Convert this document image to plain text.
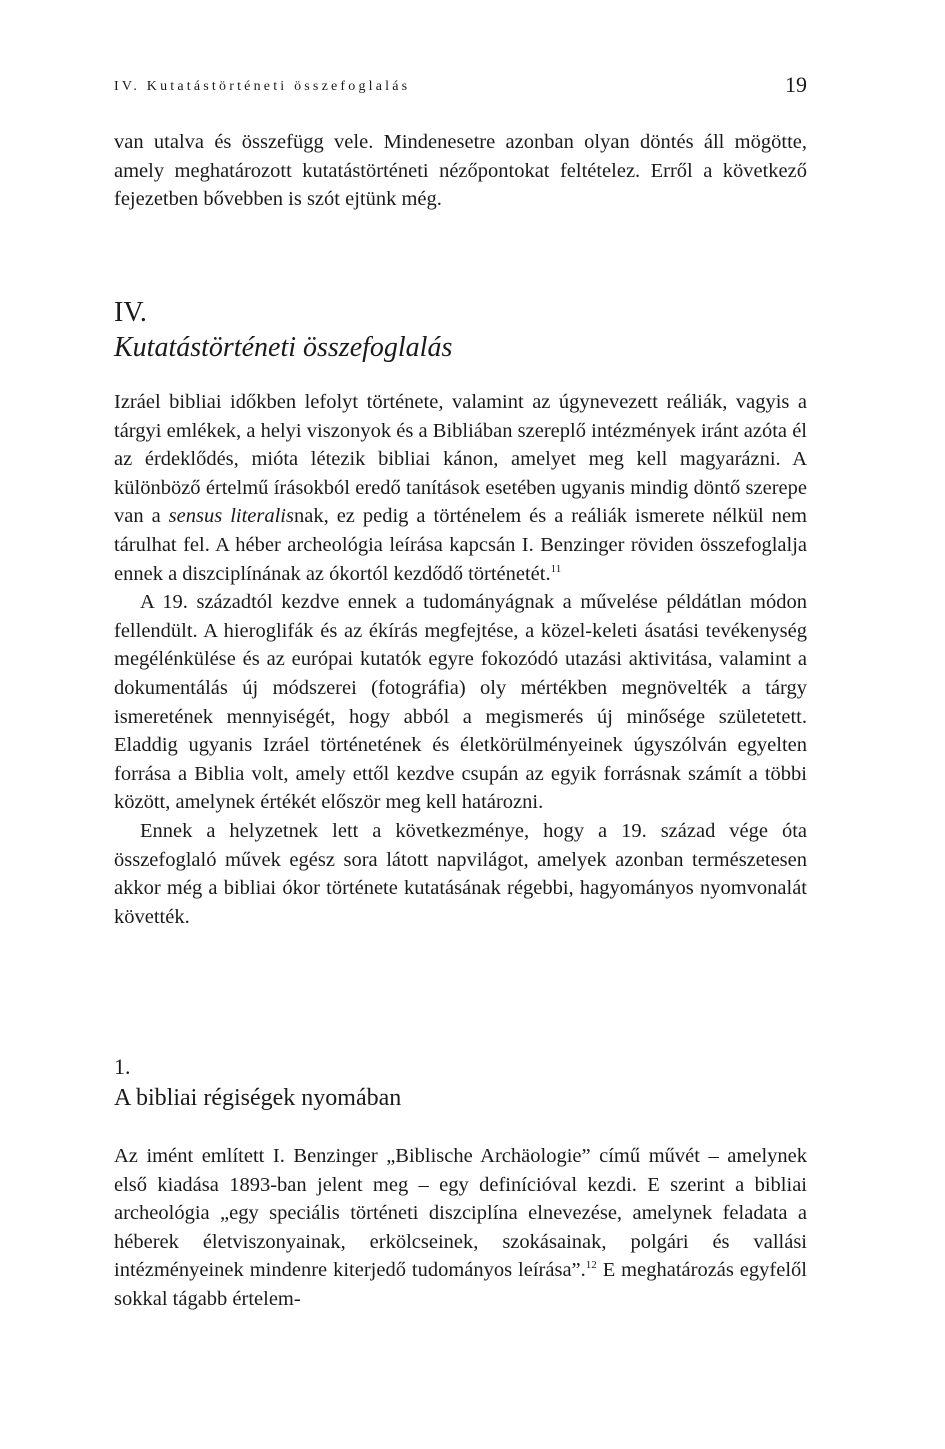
IV. Kutatástörténeti összefoglalás	19

van utalva és összefügg vele. Mindenesetre azonban olyan döntés áll mögötte, amely meghatározott kutatástörténeti nézőpontokat feltételez. Erről a következő fejezetben bővebben is szót ejtünk még.

IV.
Kutatástörténeti összefoglalás

Izráel bibliai időkben lefolyt története, valamint az úgynevezett reáliák, vagyis a tárgyi emlékek, a helyi viszonyok és a Bibliában szereplő intézmények iránt azóta él az érdeklődés, mióta létezik bibliai kánon, amelyet meg kell magyarázni. A különböző értelmű írásokból eredő tanítások esetében ugyanis mindig döntő szerepe van a sensus literalisnak, ez pedig a történelem és a reáliák ismerete nélkül nem tárulhat fel. A héber archeológia leírása kapcsán I. Benzinger röviden összefoglalja ennek a diszciplínának az ókortól kezdődő történetét.$^{11}$

A 19. századtól kezdve ennek a tudományágnak a művelése példátlan módon fellendült. A hieroglifák és az ékírás megfejtése, a közel-keleti ásatási tevékenység megélénkülése és az európai kutatók egyre fokozódó utazási aktivitása, valamint a dokumentálás új módszerei (fotográfia) oly mértékben megnövelték a tárgy ismeretének mennyiségét, hogy abból a megismerés új minősége születetett. Eladdig ugyanis Izráel történetének és életkörülményeinek úgyszólván egyelten forrása a Biblia volt, amely ettől kezdve csupán az egyik forrásnak számít a többi között, amelynek értékét először meg kell határozni.

Ennek a helyzetnek lett a következménye, hogy a 19. század vége óta összefoglaló művek egész sora látott napvilágot, amelyek azonban természetesen akkor még a bibliai ókor története kutatásának régebbi, hagyományos nyomvonalát követték.

1.
A bibliai régiségek nyomában

Az imént említett I. Benzinger „Biblische Archäologie” című művét – amelynek első kiadása 1893-ban jelent meg – egy definícióval kezdi. E szerint a bibliai archeológia „egy speciális történeti diszciplína elnevezése, amelynek feladata a héberek életviszonyainak, erkölcseinek, szokásainak, polgári és vallási intézményeinek mindenre kiterjedő tudományos leírása”.$^{12}$ E meghatározás egyfelől sokkal tágabb értelem-
